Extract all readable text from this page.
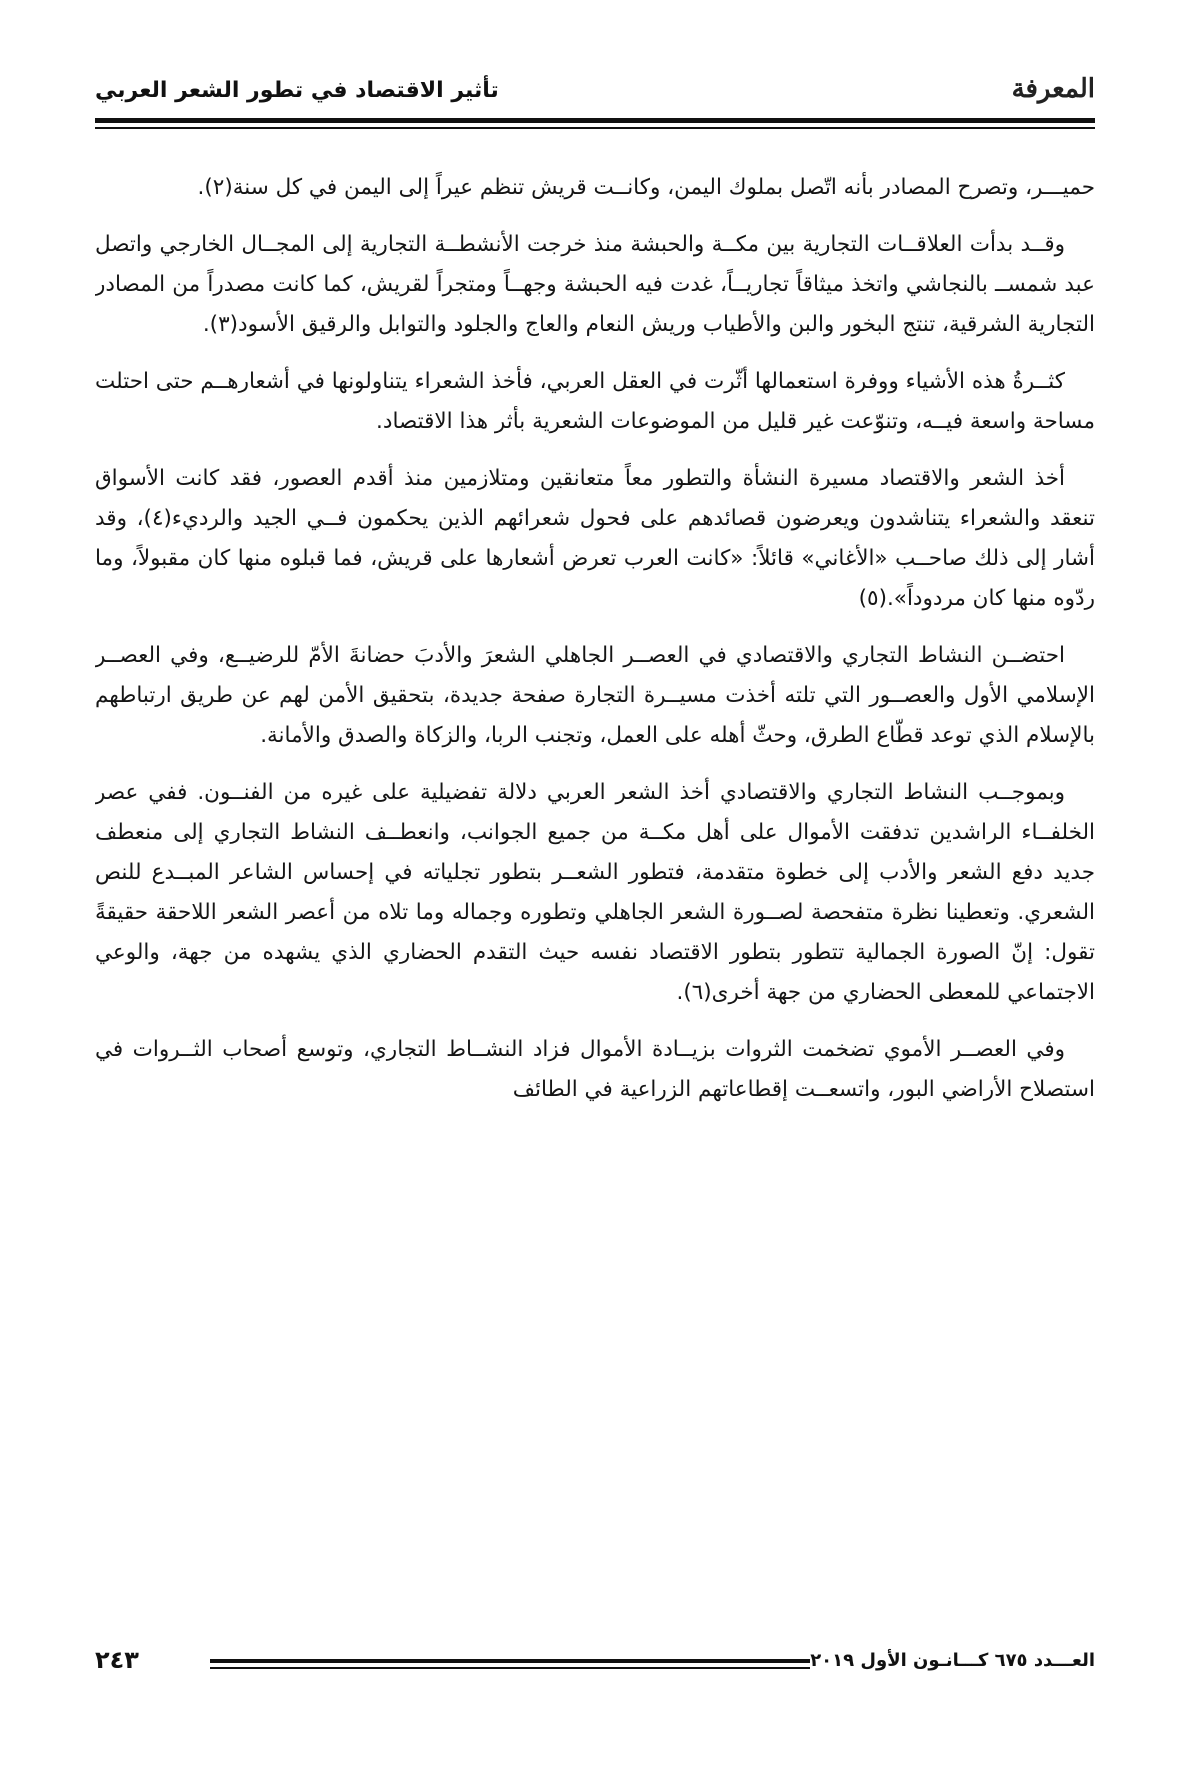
المعرفة
تأثير الاقتصاد في تطور الشعر العربي

حميـــر، وتصرح المصادر بأنه اتّصل بملوك اليمن، وكانــت قريش تنظم عيراً إلى اليمن في كل سنة(٢).

وقــد بدأت العلاقــات التجارية بين مكــة والحبشة منذ خرجت الأنشطــة التجارية إلى المجــال الخارجي واتصل عبد شمســ بالنجاشي واتخذ ميثاقاً تجاريــاً، غدت فيه الحبشة وجهــاً ومتجراً لقريش، كما كانت مصدراً من المصادر التجارية الشرقية، تنتج البخور والبن والأطياب وريش النعام والعاج والجلود والتوابل والرقيق الأسود(٣).

كثــرةُ هذه الأشياء ووفرة استعمالها أثّرت في العقل العربي، فأخذ الشعراء يتناولونها في أشعارهــم حتى احتلت مساحة واسعة فيــه، وتنوّعت غير قليل من الموضوعات الشعرية بأثر هذا الاقتصاد.

أخذ الشعر والاقتصاد مسيرة النشأة والتطور معاً متعانقين ومتلازمين منذ أقدم العصور، فقد كانت الأسواق تنعقد والشعراء يتناشدون ويعرضون قصائدهم على فحول شعرائهم الذين يحكمون فــي الجيد والرديء(٤)، وقد أشار إلى ذلك صاحــب «الأغاني» قائلاً: «كانت العرب تعرض أشعارها على قريش، فما قبلوه منها كان مقبولاً، وما ردّوه منها كان مردوداً».(٥)

احتضــن النشاط التجاري والاقتصادي في العصــر الجاهلي الشعرَ والأدبَ حضانةَ الأمّ للرضيــع، وفي العصــر الإسلامي الأول والعصــور التي تلته أخذت مسيــرة التجارة صفحة جديدة، بتحقيق الأمن لهم عن طريق ارتباطهم بالإسلام الذي توعد قطّاع الطرق، وحثّ أهله على العمل، وتجنب الربا، والزكاة والصدق والأمانة.

وبموجــب النشاط التجاري والاقتصادي أخذ الشعر العربي دلالة تفضيلية على غيره من الفنــون. ففي عصر الخلفــاء الراشدين تدفقت الأموال على أهل مكــة من جميع الجوانب، وانعطــف النشاط التجاري إلى منعطف جديد دفع الشعر والأدب إلى خطوة متقدمة، فتطور الشعــر بتطور تجلياته في إحساس الشاعر المبــدع للنص الشعري. وتعطينا نظرة متفحصة لصــورة الشعر الجاهلي وتطوره وجماله وما تلاه من أعصر الشعر اللاحقة حقيقةً تقول: إنّ الصورة الجمالية تتطور بتطور الاقتصاد نفسه حيث التقدم الحضاري الذي يشهده من جهة، والوعي الاجتماعي للمعطى الحضاري من جهة أخرى(٦).

وفي العصــر الأموي تضخمت الثروات بزيــادة الأموال فزاد النشــاط التجاري، وتوسع أصحاب الثــروات في استصلاح الأراضي البور، واتسعــت إقطاعاتهم الزراعية في الطائف

العـــدد ٦٧٥ كـــانـون الأول ٢٠١٩
٢٤٣
